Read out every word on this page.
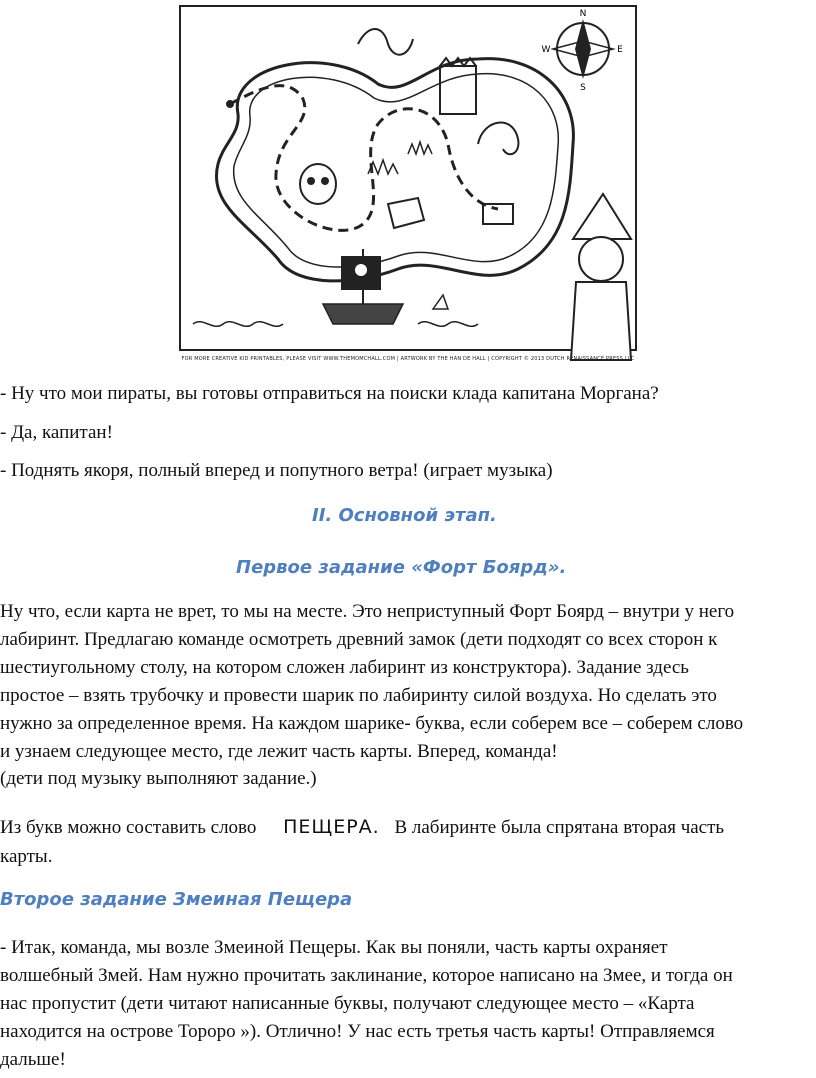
N
E
S
W
FOR MORE CREATIVE KID PRINTABLES, PLEASE VISIT WWW.THEMOMCHALL.COM | ARTWORK BY THE HAN DE HALL | COPYRIGHT © 2013 DUTCH RENAISSANCE PRESS LLC
- Ну что мои пираты, вы готовы отправиться на поиски клада капитана Моргана?
- Да, капитан!
- Поднять якоря, полный вперед и попутного ветра! (играет музыка)
II. Основной этап.
Первое задание «Форт Боярд».
Ну что, если карта не врет, то мы на месте. Это неприступный Форт Боярд – внутри у него
лабиринт. Предлагаю команде осмотреть древний замок (дети подходят со всех сторон к
шестиугольному столу, на котором сложен лабиринт из конструктора). Задание здесь
простое – взять трубочку и провести шарик по лабиринту силой воздуха. Но сделать это
нужно за определенное время. На каждом шарике- буква, если соберем все – соберем слово
и узнаем следующее место, где лежит часть карты. Вперед, команда!
(дети под музыку выполняют задание.)
Из букв можно составить слово ПЕЩЕРА. В лабиринте была спрятана вторая часть
карты.
Второе задание Змеиная Пещера
- Итак, команда, мы возле Змеиной Пещеры. Как вы поняли, часть карты охраняет
волшебный Змей. Нам нужно прочитать заклинание, которое написано на Змее, и тогда он
нас пропустит (дети читают написанные буквы, получают следующее место – «Карта
находится на острове Тороро »). Отлично! У нас есть третья часть карты! Отправляемся
дальше!
